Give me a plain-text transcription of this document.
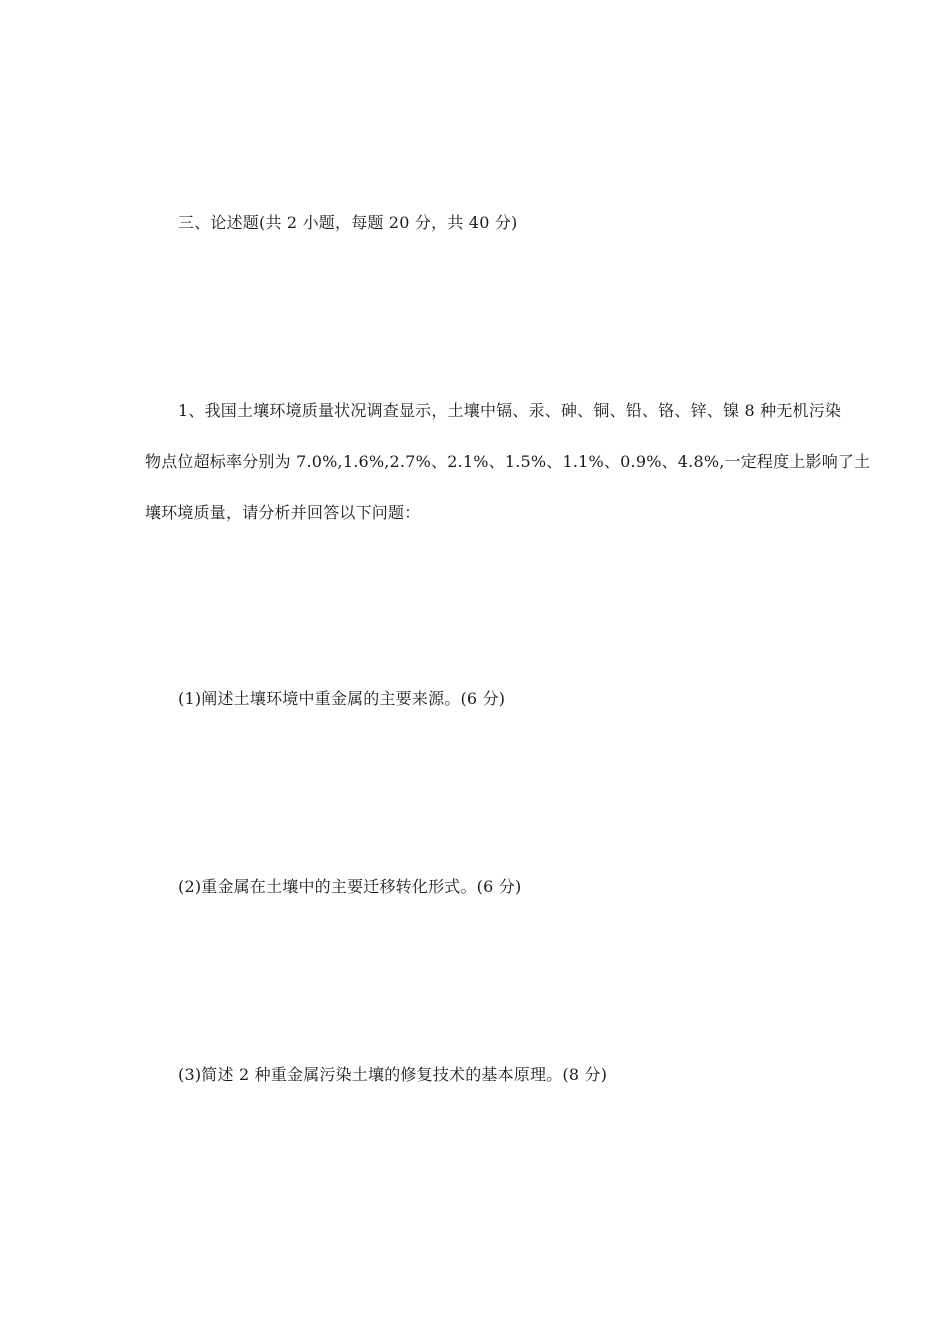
三、论述题(共 2 小题，每题 20 分，共 40 分)
1、我国土壤环境质量状况调查显示，土壤中镉、汞、砷、铜、铅、铬、锌、镍 8 种无机污染
物点位超标率分别为 7.0%,1.6%,2.7%、2.1%、1.5%、1.1%、0.9%、4.8%,一定程度上影响了土
壤环境质量，请分析并回答以下问题：
(1)阐述土壤环境中重金属的主要来源。(6 分)
(2)重金属在土壤中的主要迁移转化形式。(6 分)
(3)简述 2 种重金属污染土壤的修复技术的基本原理。(8 分)
